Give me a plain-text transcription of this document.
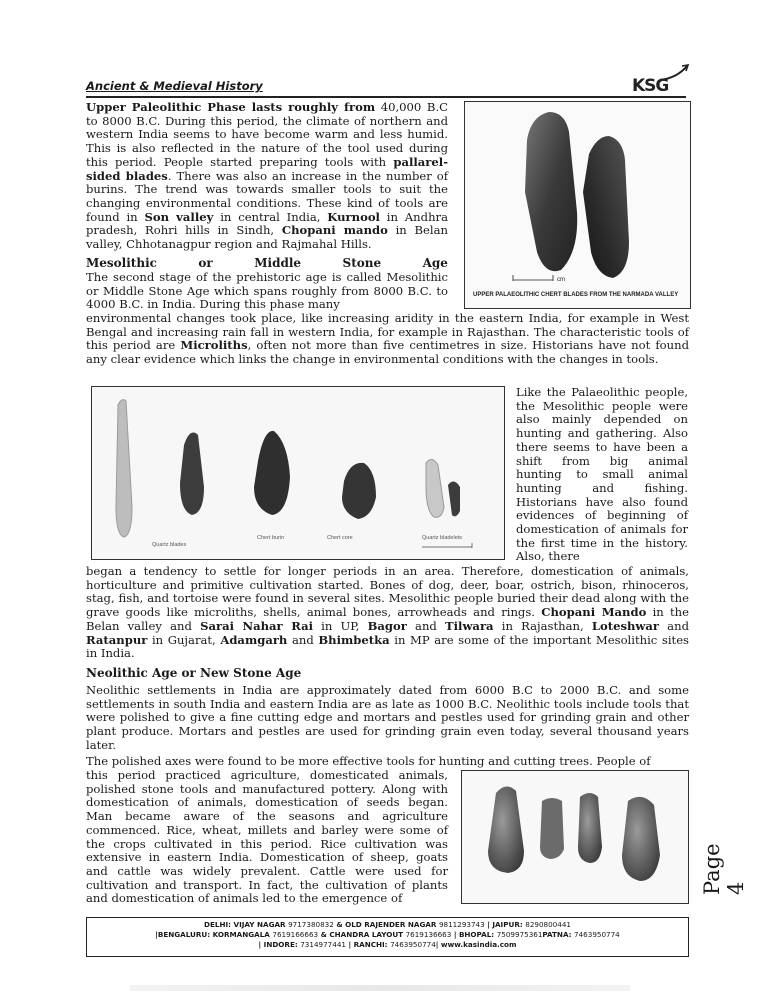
Ancient & Medieval History	KSG

Upper Paleolithic Phase lasts roughly from 40,000 B.C to 8000 B.C. During this period, the climate of northern and western India seems to have become warm and less humid. This is also reflected in the nature of the tool used during this period. People started preparing tools with pallarel-sided blades. There was also an increase in the number of burins. The trend was towards smaller tools to suit the changing environmental conditions. These kind of tools are found in Son valley in central India, Kurnool in Andhra pradesh, Rohri hills in Sindh, Chopani mando in Belan valley, Chhotanagpur region and Rajmahal Hills.

cm
UPPER PALAEOLITHIC CHERT BLADES FROM THE NARMADA VALLEY
Mesolithic	or	Middle	Stone	Age
The second stage of the prehistoric age is called Mesolithic or Middle Stone Age which spans roughly from 8000 B.C. to 4000 B.C. in India. During this phase many

environmental changes took place, like increasing aridity in the eastern India, for example in West Bengal and increasing rain fall in western India, for example in Rajasthan. The characteristic tools of this period are Microliths, often not more than five centimetres in size. Historians have not found any clear evidence which links the change in environmental conditions with the changes in tools.

Quartz blades
Chert burin	Chert core	Quartz bladelets
Like the Palaeolithic people, the Mesolithic people were also mainly depended on hunting and gathering. Also there seems to have been a shift from big animal hunting to small animal hunting and fishing. Historians have also found evidences of beginning of domestication of animals for the first time in the history. Also, there

began a tendency to settle for longer periods in an area. Therefore, domestication of animals, horticulture and primitive cultivation started. Bones of dog, deer, boar, ostrich, bison, rhinoceros, stag, fish, and tortoise were found in several sites. Mesolithic people buried their dead along with the grave goods like microliths, shells, animal bones, arrowheads and rings. Chopani Mando in the Belan valley and Sarai Nahar Rai in UP, Bagor and Tilwara in Rajasthan, Loteshwar and Ratanpur in Gujarat, Adamgarh and Bhimbetka in MP are some of the important Mesolithic sites in India.

Neolithic Age or New Stone Age
Neolithic settlements in India are approximately dated from 6000 B.C to 2000 B.C. and some settlements in south India and eastern India are as late as 1000 B.C. Neolithic tools include tools that were polished to give a fine cutting edge and mortars and pestles used for grinding grain and other plant produce. Mortars and pestles are used for grinding grain even today, several thousand years later.
The polished axes were found to be more effective tools for hunting and cutting trees. People of
this period practiced agriculture, domesticated animals, polished stone tools and manufactured pottery. Along with domestication of animals, domestication of seeds began. Man became aware of the seasons and agriculture commenced. Rice, wheat, millets and barley were some of the crops cultivated in this period. Rice cultivation was extensive in eastern India. Domestication of sheep, goats and cattle was widely prevalent. Cattle were used for cultivation and transport. In fact, the cultivation of plants and domestication of animals led to the emergence of
Page 4
DELHI: VIJAY NAGAR 9717380832 & OLD RAJENDER NAGAR 9811293743 | JAIPUR: 8290800441
|BENGALURU: KORMANGALA 7619166663 & CHANDRA LAYOUT 7619136663 | BHOPAL: 7509975361PATNA: 7463950774
| INDORE: 7314977441 | RANCHI: 7463950774| www.kasindia.com
